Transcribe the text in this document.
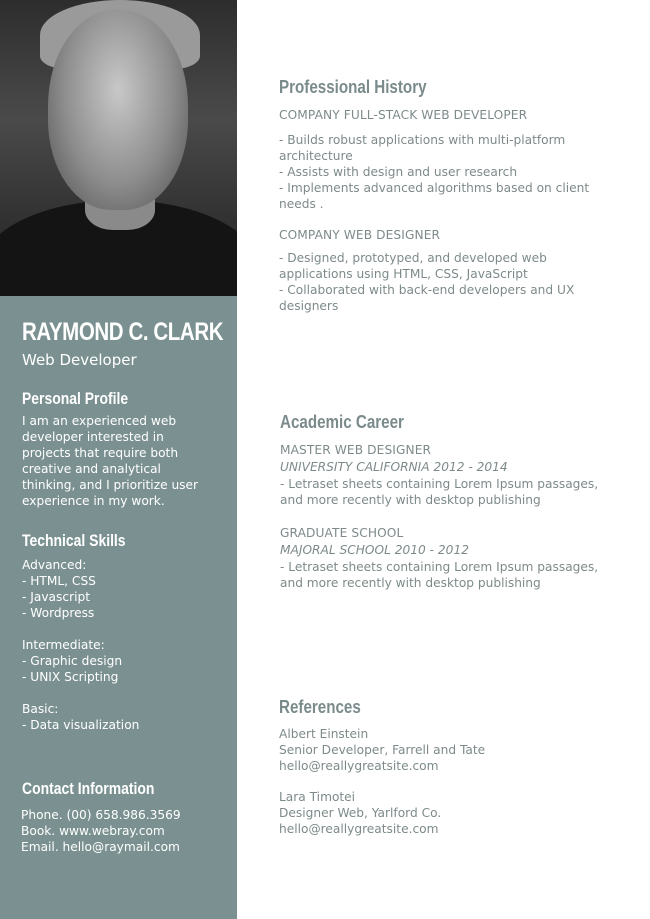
RAYMOND C. CLARK
Web Developer
Personal Profile
I am an experienced web
developer interested in
projects that require both
creative and analytical
thinking, and I prioritize user
experience in my work.
Technical Skills
Advanced:
- HTML, CSS
- Javascript
- Wordpress
Intermediate:
- Graphic design
- UNIX Scripting
Basic:
- Data visualization
Contact Information
Phone. (00) 658.986.3569
Book. www.webray.com
Email. hello@raymail.com
Professional History
COMPANY FULL-STACK WEB DEVELOPER
- Builds robust applications with multi-platform
architecture
- Assists with design and user research
- Implements advanced algorithms based on client
needs .
COMPANY WEB DESIGNER
- Designed, prototyped, and developed web
applications using HTML, CSS, JavaScript
- Collaborated with back-end developers and UX
designers
Academic Career
MASTER WEB DESIGNER
UNIVERSITY CALIFORNIA 2012 - 2014
- Letraset sheets containing Lorem Ipsum passages,
and more recently with desktop publishing
GRADUATE SCHOOL
MAJORAL SCHOOL 2010 - 2012
- Letraset sheets containing Lorem Ipsum passages,
and more recently with desktop publishing
References
Albert Einstein
Senior Developer, Farrell and Tate
hello@reallygreatsite.com
Lara Timotei
Designer Web, Yarlford Co.
hello@reallygreatsite.com
